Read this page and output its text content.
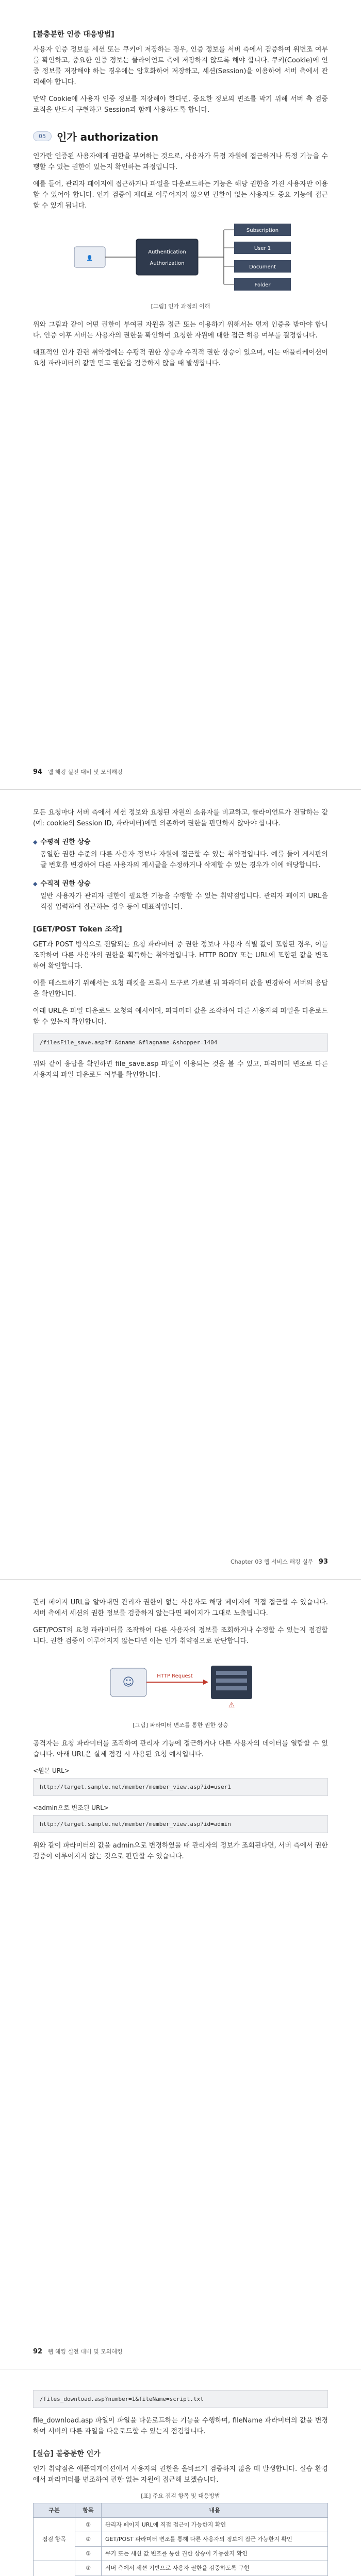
[불충분한 인증 대응방법]

사용자 인증 정보를 세션 또는 쿠키에 저장하는 경우, 인증 정보를 서버 측에서 검증하여 위변조 여부를 확인하고, 중요한 인증 정보는 클라이언트 측에 저장하지 않도록 해야 합니다. 쿠키(Cookie)에 인증 정보를 저장해야 하는 경우에는 암호화하여 저장하고, 세션(Session)을 이용하여 서버 측에서 관리해야 합니다.

만약 Cookie에 사용자 인증 정보를 저장해야 한다면, 중요한 정보의 변조를 막기 위해 서버 측 검증 로직을 반드시 구현하고 Session과 함께 사용하도록 합니다.

05	인가 authorization

인가란 인증된 사용자에게 권한을 부여하는 것으로, 사용자가 특정 자원에 접근하거나 특정 기능을 수행할 수 있는 권한이 있는지 확인하는 과정입니다.

예를 들어, 관리자 페이지에 접근하거나 파일을 다운로드하는 기능은 해당 권한을 가진 사용자만 이용할 수 있어야 합니다. 인가 검증이 제대로 이루어지지 않으면 권한이 없는 사용자도 중요 기능에 접근할 수 있게 됩니다.

👤
Authentication
Authorization
Subscription
User 1
Document
Folder
[그림] 인가 과정의 이해

위와 그림과 같이 어떤 권한이 부여된 자원을 접근 또는 이용하기 위해서는 먼저 인증을 받아야 합니다. 인증 이후 서버는 사용자의 권한을 확인하여 요청한 자원에 대한 접근 허용 여부를 결정합니다.

대표적인 인가 관련 취약점에는 수평적 권한 상승과 수직적 권한 상승이 있으며, 이는 애플리케이션이 요청 파라미터의 값만 믿고 권한을 검증하지 않을 때 발생합니다.

94 웹 해킹 실전 대비 및 모의해킹

모든 요청마다 서버 측에서 세션 정보와 요청된 자원의 소유자를 비교하고, 클라이언트가 전달하는 값(예: cookie의 Session ID, 파라미터)에만 의존하여 권한을 판단하지 않아야 합니다.

◆ 수평적 권한 상승

동일한 권한 수준의 다른 사용자 정보나 자원에 접근할 수 있는 취약점입니다. 예를 들어 게시판의 글 번호를 변경하여 다른 사용자의 게시글을 수정하거나 삭제할 수 있는 경우가 이에 해당합니다.

◆ 수직적 권한 상승

일반 사용자가 관리자 권한이 필요한 기능을 수행할 수 있는 취약점입니다. 관리자 페이지 URL을 직접 입력하여 접근하는 경우 등이 대표적입니다.

[GET/POST Token 조작]

GET과 POST 방식으로 전달되는 요청 파라미터 중 권한 정보나 사용자 식별 값이 포함된 경우, 이를 조작하여 다른 사용자의 권한을 획득하는 취약점입니다. HTTP BODY 또는 URL에 포함된 값을 변조하여 확인합니다.

이를 테스트하기 위해서는 요청 패킷을 프록시 도구로 가로챈 뒤 파라미터 값을 변경하여 서버의 응답을 확인합니다.

아래 URL은 파일 다운로드 요청의 예시이며, 파라미터 값을 조작하여 다른 사용자의 파일을 다운로드할 수 있는지 확인합니다.

/filesFile_save.asp?f=&dname=&flagname=&shopper=1404

위와 같이 응답을 확인하면 file_save.asp 파일이 이용되는 것을 볼 수 있고, 파라미터 변조로 다른 사용자의 파일 다운로드 여부를 확인합니다.

Chapter 03 웹 서비스 해킹 실무 93

관리 페이지 URL을 알아내면 관리자 권한이 없는 사용자도 해당 페이지에 직접 접근할 수 있습니다. 서버 측에서 세션의 권한 정보를 검증하지 않는다면 페이지가 그대로 노출됩니다.

GET/POST의 요청 파라미터를 조작하여 다른 사용자의 정보를 조회하거나 수정할 수 있는지 점검합니다. 권한 검증이 이루어지지 않는다면 이는 인가 취약점으로 판단합니다.

☺	HTTP Request
⚠
[그림] 파라미터 변조를 통한 권한 상승

공격자는 요청 파라미터를 조작하여 관리자 기능에 접근하거나 다른 사용자의 데이터를 열람할 수 있습니다. 아래 URL은 실제 점검 시 사용된 요청 예시입니다.

<원본 URL>
http://target.sample.net/member/member_view.asp?id=user1
<admin으로 변조된 URL>
http://target.sample.net/member/member_view.asp?id=admin

위와 같이 파라미터의 값을 admin으로 변경하였을 때 관리자의 정보가 조회된다면, 서버 측에서 권한 검증이 이루어지지 않는 것으로 판단할 수 있습니다.

92 웹 해킹 실전 대비 및 모의해킹
/files_download.asp?number=1&fileName=script.txt

file_download.asp 파일이 파일을 다운로드하는 기능을 수행하며, fileName 파라미터의 값을 변경하여 서버의 다른 파일을 다운로드할 수 있는지 점검합니다.

[실습] 불충분한 인가

인가 취약점은 애플리케이션에서 사용자의 권한을 올바르게 검증하지 않을 때 발생합니다. 실습 환경에서 파라미터를 변조하여 권한 없는 자원에 접근해 보겠습니다.

[표] 주요 점검 항목 및 대응방법
구분	항목	내용
점검 항목	①	관리자 페이지 URL에 직접 접근이 가능한지 확인
	②	GET/POST 파라미터 변조를 통해 다른 사용자의 정보에 접근 가능한지 확인
	③	쿠키 또는 세션 값 변조를 통한 권한 상승이 가능한지 확인
	①	서버 측에서 세션 기반으로 사용자 권한을 검증하도록 구현
